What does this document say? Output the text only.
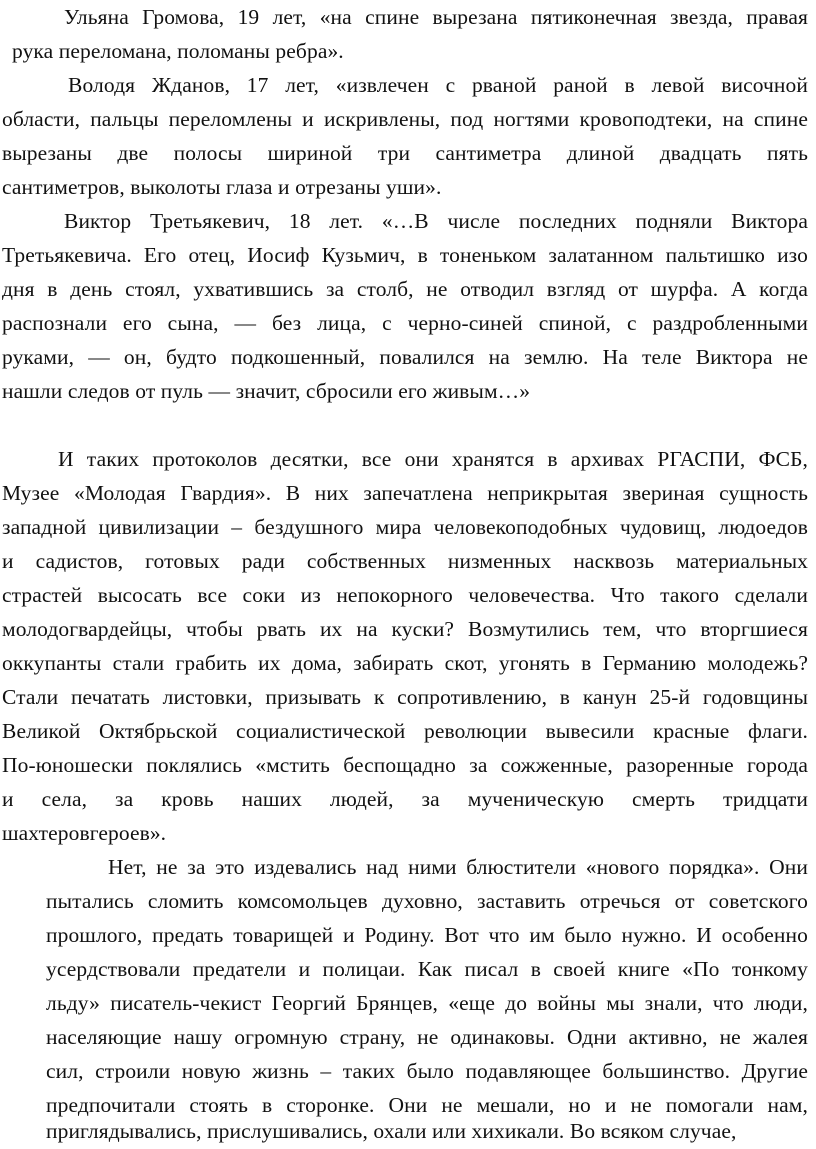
Ульяна Громова, 19 лет, «на спине вырезана пятиконечная звезда, правая
рука переломана, поломаны ребра».
Володя Жданов, 17 лет, «извлечен с рваной раной в левой височной
области, пальцы переломлены и искривлены, под ногтями кровоподтеки, на спине
вырезаны две полосы шириной три сантиметра длиной двадцать пять
сантиметров, выколоты глаза и отрезаны уши».
Виктор Третьякевич, 18 лет. «…В числе последних подняли Виктора
Третьякевича. Его отец, Иосиф Кузьмич, в тоненьком залатанном пальтишко изо
дня в день стоял, ухватившись за столб, не отводил взгляд от шурфа. А когда
распознали его сына, — без лица, с черно-синей спиной, с раздробленными
руками, — он, будто подкошенный, повалился на землю. На теле Виктора не
нашли следов от пуль — значит, сбросили его живым…»
И таких протоколов десятки, все они хранятся в архивах РГАСПИ, ФСБ,
Музее «Молодая Гвардия». В них запечатлена неприкрытая звериная сущность
западной цивилизации – бездушного мира человекоподобных чудовищ, людоедов
и садистов, готовых ради собственных низменных насквозь материальных
страстей высосать все соки из непокорного человечества. Что такого сделали
молодогвардейцы, чтобы рвать их на куски? Возмутились тем, что вторгшиеся
оккупанты стали грабить их дома, забирать скот, угонять в Германию молодежь?
Стали печатать листовки, призывать к сопротивлению, в канун 25-й годовщины
Великой Октябрьской социалистической революции вывесили красные флаги.
По-юношески поклялись «мстить беспощадно за сожженные, разоренные города
и села, за кровь наших людей, за мученическую смерть тридцати
шахтеровгероев».
Нет, не за это издевались над ними блюстители «нового порядка». Они
пытались сломить комсомольцев духовно, заставить отречься от советского
прошлого, предать товарищей и Родину. Вот что им было нужно. И особенно
усердствовали предатели и полицаи. Как писал в своей книге «По тонкому
льду» писатель-чекист Георгий Брянцев, «еще до войны мы знали, что люди,
населяющие нашу огромную страну, не одинаковы. Одни активно, не жалея
сил, строили новую жизнь – таких было подавляющее большинство. Другие
предпочитали стоять в сторонке. Они не мешали, но и не помогали нам,
приглядывались, прислушивались, охали или хихикали. Во всяком случае,
